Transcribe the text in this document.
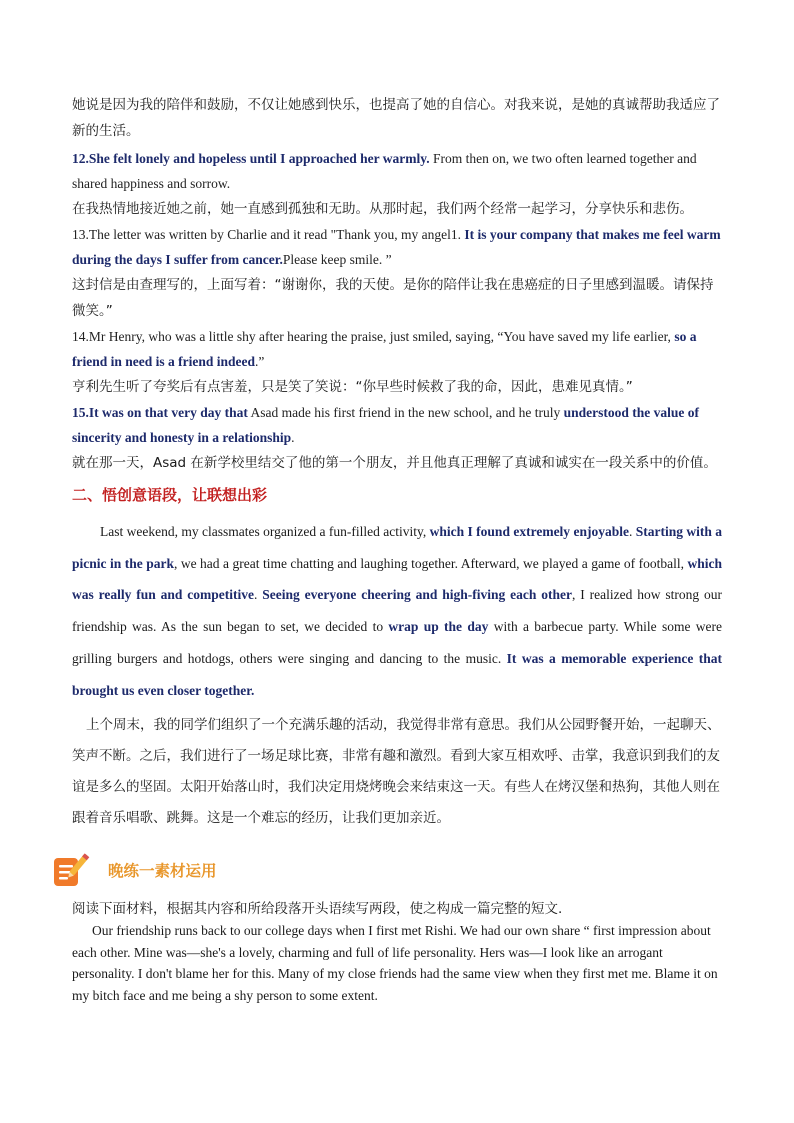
她说是因为我的陪伴和鼓励，不仅让她感到快乐，也提高了她的自信心。对我来说，是她的真诚帮助我适应了新的生活。

12.She felt lonely and hopeless until I approached her warmly. From then on, we two often learned together and shared happiness and sorrow.

在我热情地接近她之前，她一直感到孤独和无助。从那时起，我们两个经常一起学习，分享快乐和悲伤。

13.The letter was written by Charlie and it read "Thank you, my angel1. It is your company that makes me feel warm during the days I suffer from cancer.Please keep smile. ”

这封信是由查理写的，上面写着：“谢谢你，我的天使。是你的陪伴让我在患癌症的日子里感到温暖。请保持微笑。”

14.Mr Henry, who was a little shy after hearing the praise, just smiled, saying, “You have saved my life earlier, so a friend in need is a friend indeed.”

亨利先生听了夸奖后有点害羞，只是笑了笑说：“你早些时候救了我的命，因此，患难见真情。”

15.It was on that very day that Asad made his first friend in the new school, and he truly understood the value of sincerity and honesty in a relationship.

就在那一天，Asad 在新学校里结交了他的第一个朋友，并且他真正理解了真诚和诚实在一段关系中的价值。

二、悟创意语段，让联想出彩

Last weekend, my classmates organized a fun-filled activity, which I found extremely enjoyable. Starting with a picnic in the park, we had a great time chatting and laughing together. Afterward, we played a game of football, which was really fun and competitive. Seeing everyone cheering and high-fiving each other, I realized how strong our friendship was. As the sun began to set, we decided to wrap up the day with a barbecue party. While some were grilling burgers and hotdogs, others were singing and dancing to the music. It was a memorable experience that brought us even closer together.

上个周末，我的同学们组织了一个充满乐趣的活动，我觉得非常有意思。我们从公园野餐开始，一起聊天、笑声不断。之后，我们进行了一场足球比赛，非常有趣和激烈。看到大家互相欢呼、击掌，我意识到我们的友谊是多么的坚固。太阳开始落山时，我们决定用烧烤晚会来结束这一天。有些人在烤汉堡和热狗，其他人则在跟着音乐唱歌、跳舞。这是一个难忘的经历，让我们更加亲近。

晚练一素材运用
阅读下面材料，根据其内容和所给段落开头语续写两段，使之构成一篇完整的短文.

Our friendship runs back to our college days when I first met Rishi. We had our own share “ first impression about each other. Mine was—she's a lovely, charming and full of life personality. Hers was—I look like an arrogant personality. I don't blame her for this. Many of my close friends had the same view when they first met me. Blame it on my bitch face and me being a shy person to some extent.
